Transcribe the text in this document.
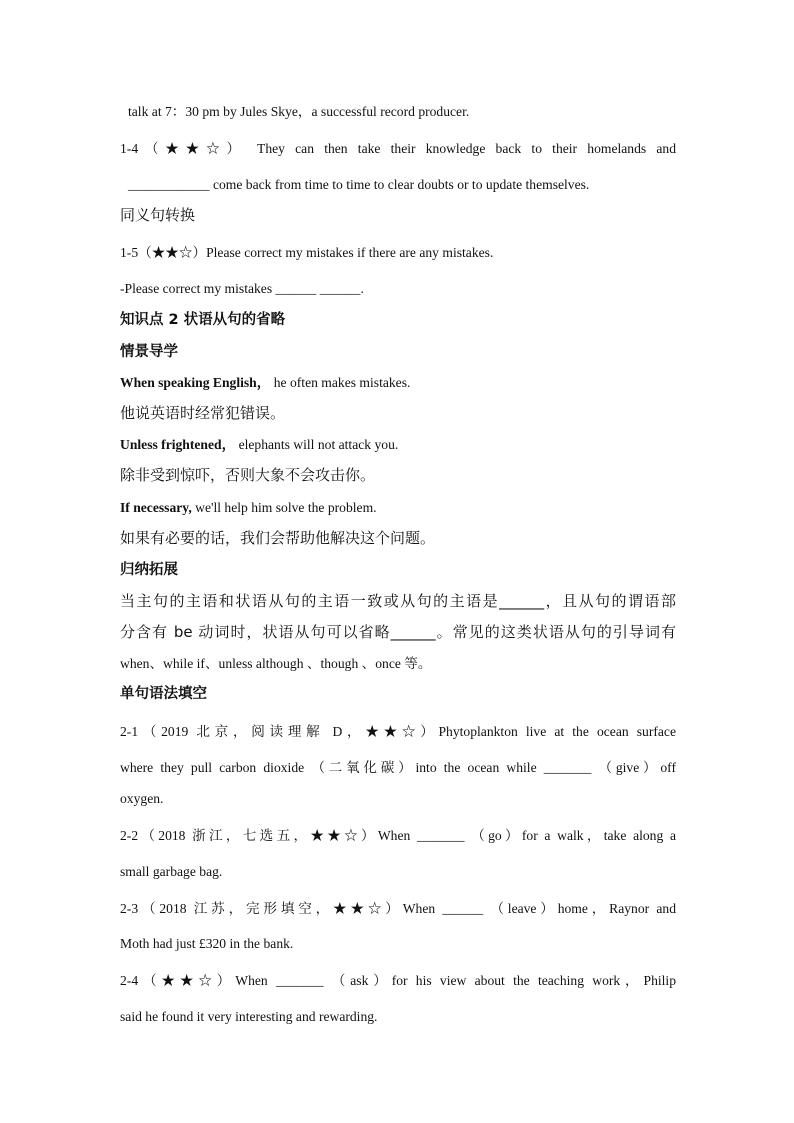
talk at 7：30 pm by Jules Skye，a successful record producer.
1-4（★★☆） They can then take their knowledge back to their homelands and
____________ come back from time to time to clear doubts or to update themselves.
同义句转换
1-5（★★☆）Please correct my mistakes if there are any mistakes.
-Please correct my mistakes ______ ______.
知识点 2 状语从句的省略
情景导学
When speaking English， he often makes mistakes.
他说英语时经常犯错误。
Unless frightened， elephants will not attack you.
除非受到惊吓，否则大象不会攻击你。
If necessary, we'll help him solve the problem.
如果有必要的话，我们会帮助他解决这个问题。
归纳拓展
当主句的主语和状语从句的主语一致或从句的主语是______，且从句的谓语部
分含有 be 动词时，状语从句可以省略______。常见的这类状语从句的引导词有
when、while if、unless although 、though 、once 等。
单句语法填空
2-1（2019 北京，阅读理解 D，★★☆）Phytoplankton live at the ocean surface
where they pull carbon dioxide （二氧化碳）into the ocean while _______ （give）off
oxygen.
2-2（2018 浙江，七选五，★★☆）When _______ （go）for a walk，take along a
small garbage bag.
2-3（2018 江苏，完形填空，★★☆）When ______ （leave）home，Raynor and
Moth had just £320 in the bank.
2-4（★★☆）When _______ （ask）for his view about the teaching work，Philip
said he found it very interesting and rewarding.
